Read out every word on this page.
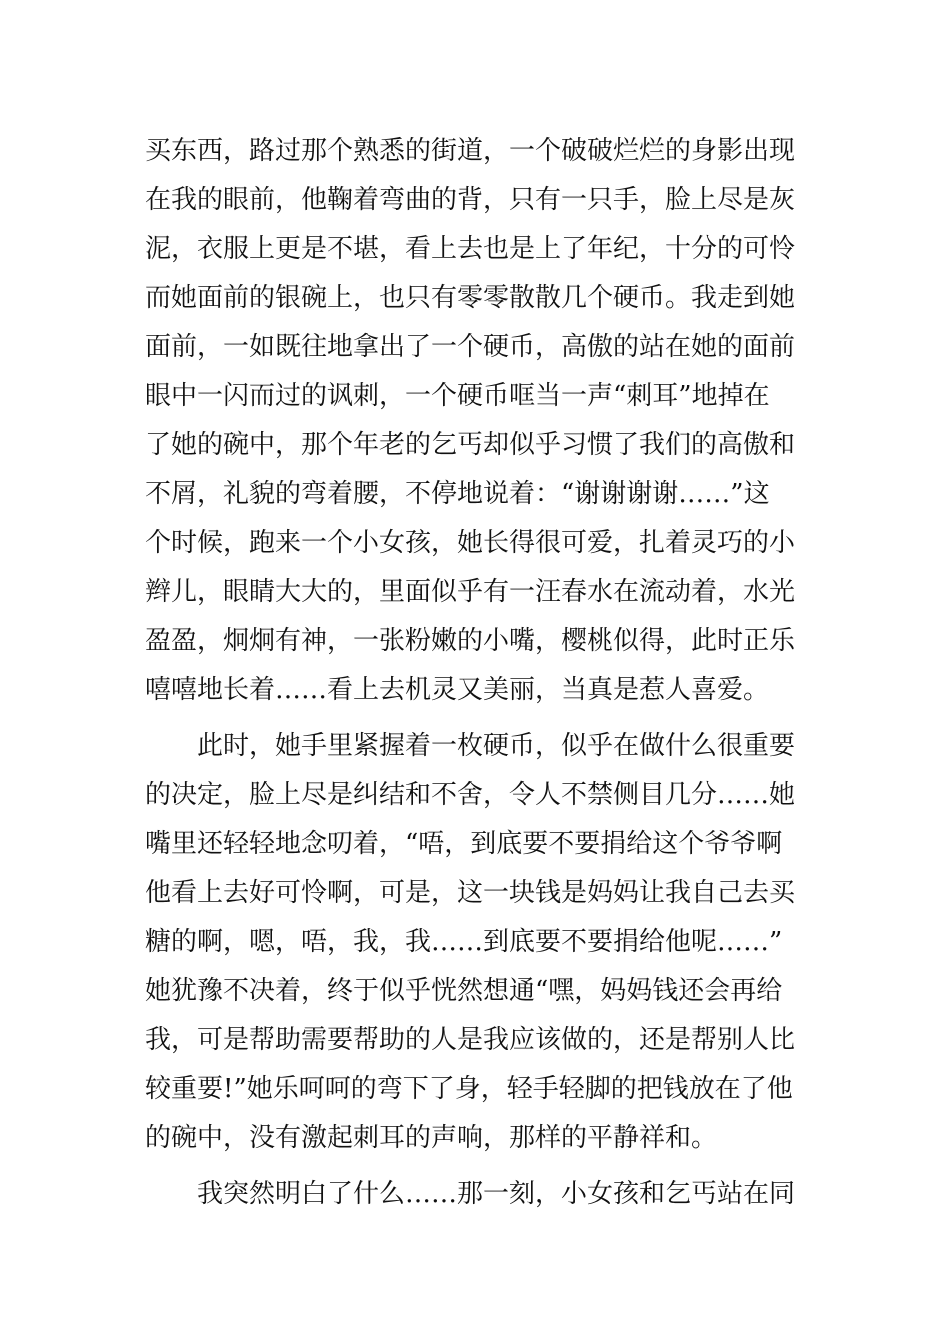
买东西，路过那个熟悉的街道，一个破破烂烂的身影出现
在我的眼前，他鞠着弯曲的背，只有一只手，脸上尽是灰
泥，衣服上更是不堪，看上去也是上了年纪，十分的可怜
而她面前的银碗上，也只有零零散散几个硬币。我走到她
面前，一如既往地拿出了一个硬币，高傲的站在她的面前
眼中一闪而过的讽刺，一个硬币哐当一声“刺耳”地掉在
了她的碗中，那个年老的乞丐却似乎习惯了我们的高傲和
不屑，礼貌的弯着腰，不停地说着：“谢谢谢谢……”这
个时候，跑来一个小女孩，她长得很可爱，扎着灵巧的小
辫儿，眼睛大大的，里面似乎有一汪春水在流动着，水光
盈盈，炯炯有神，一张粉嫩的小嘴，樱桃似得，此时正乐
嘻嘻地长着……看上去机灵又美丽，当真是惹人喜爱。
此时，她手里紧握着一枚硬币，似乎在做什么很重要
的决定，脸上尽是纠结和不舍，令人不禁侧目几分……她
嘴里还轻轻地念叨着，“唔，到底要不要捐给这个爷爷啊
他看上去好可怜啊，可是，这一块钱是妈妈让我自己去买
糖的啊，嗯，唔，我，我……到底要不要捐给他呢……”
她犹豫不决着，终于似乎恍然想通“嘿，妈妈钱还会再给
我，可是帮助需要帮助的人是我应该做的，还是帮别人比
较重要!”她乐呵呵的弯下了身，轻手轻脚的把钱放在了他
的碗中，没有激起刺耳的声响，那样的平静祥和。
我突然明白了什么……那一刻，小女孩和乞丐站在同
